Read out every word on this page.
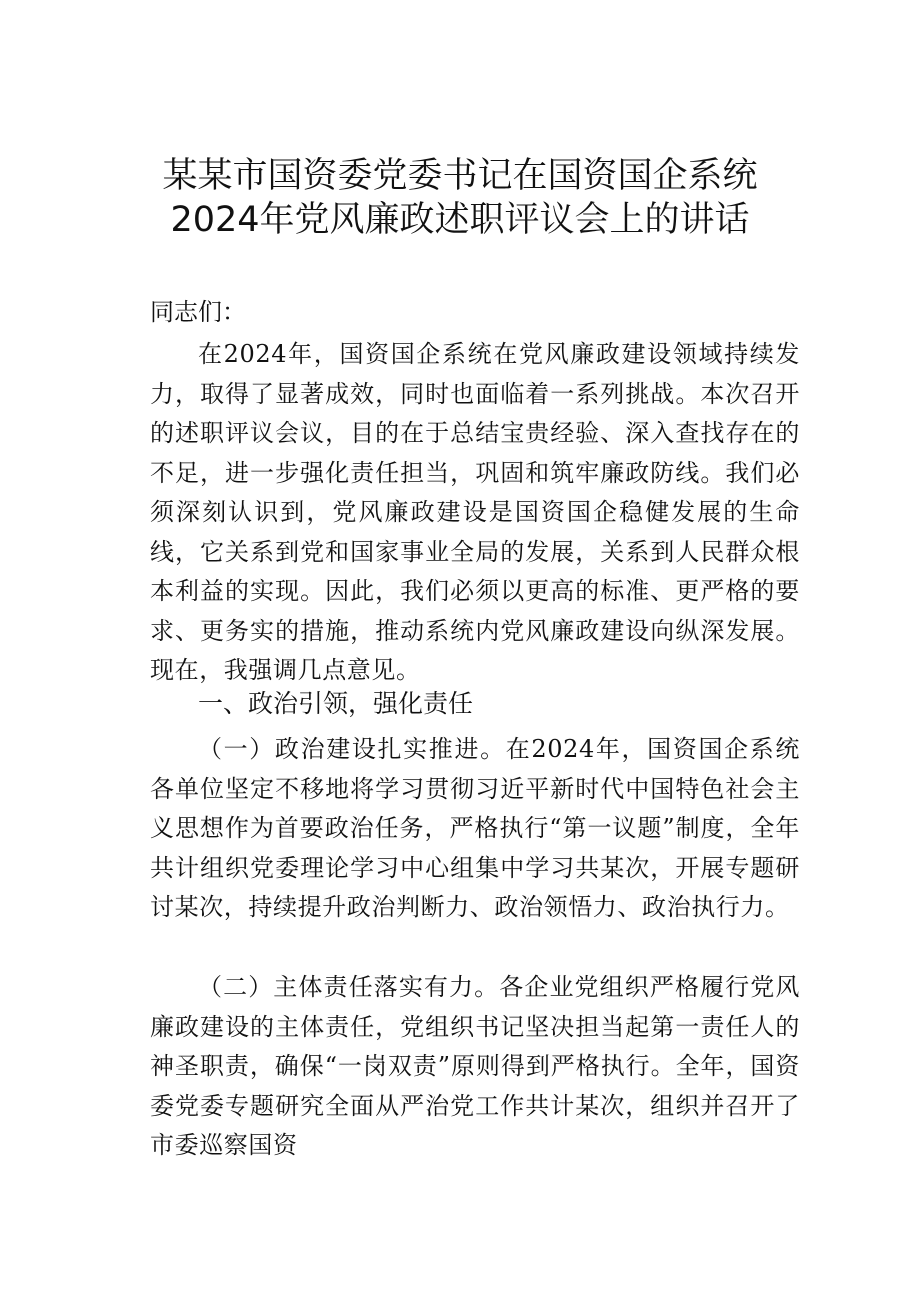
某某市国资委党委书记在国资国企系统
2024年党风廉政述职评议会上的讲话
同志们：
在2024年，国资国企系统在党风廉政建设领域持续发力，取得了显著成效，同时也面临着一系列挑战。本次召开的述职评议会议，目的在于总结宝贵经验、深入查找存在的不足，进一步强化责任担当，巩固和筑牢廉政防线。我们必须深刻认识到，党风廉政建设是国资国企稳健发展的生命线，它关系到党和国家事业全局的发展，关系到人民群众根本利益的实现。因此，我们必须以更高的标准、更严格的要求、更务实的措施，推动系统内党风廉政建设向纵深发展。现在，我强调几点意见。
一、政治引领，强化责任
（一）政治建设扎实推进。在2024年，国资国企系统各单位坚定不移地将学习贯彻习近平新时代中国特色社会主义思想作为首要政治任务，严格执行“第一议题”制度，全年共计组织党委理论学习中心组集中学习共某次，开展专题研讨某次，持续提升政治判断力、政治领悟力、政治执行力。
（二）主体责任落实有力。各企业党组织严格履行党风廉政建设的主体责任，党组织书记坚决担当起第一责任人的神圣职责，确保“一岗双责”原则得到严格执行。全年，国资委党委专题研究全面从严治党工作共计某次，组织并召开了市委巡察国资
